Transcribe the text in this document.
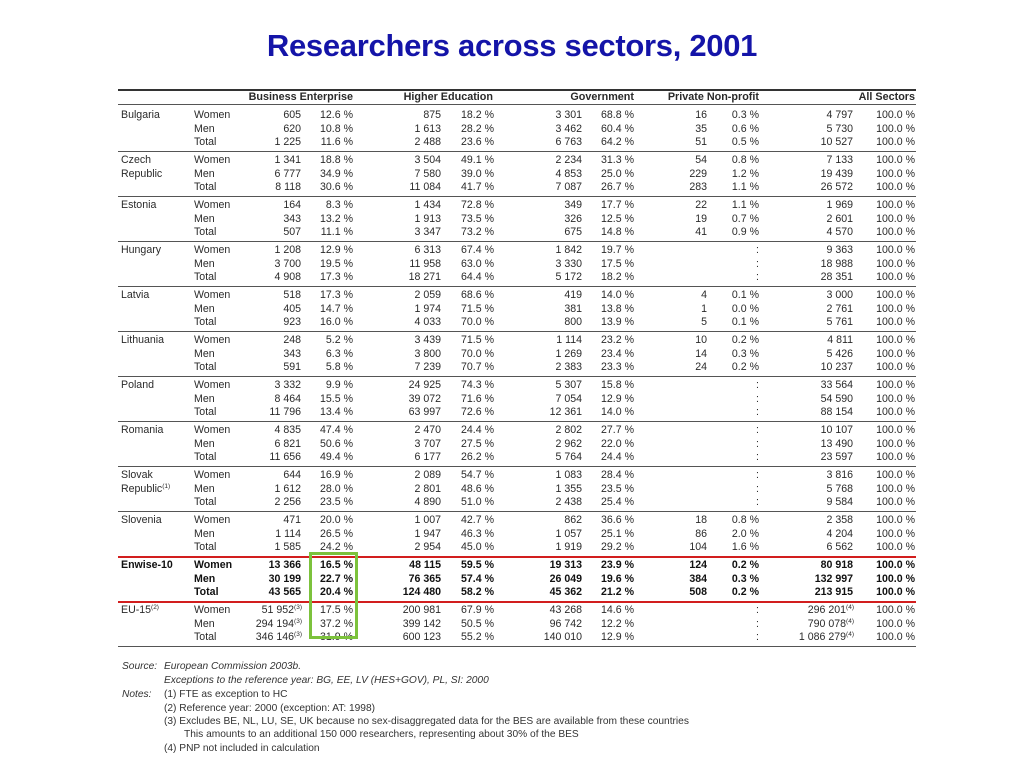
Researchers across sectors, 2001
Business Enterprise	Higher Education	Government	Private Non-profit	All Sectors
Bulgaria	Women	605 12.6 %	875 18.2 %	3 301 68.8 %	16 0.3 %	4 797 100.0 %
Men	620 10.8 %	1 613 28.2 %	3 462 60.4 %	35 0.6 %	5 730 100.0 %
Total	1 225 11.6 %	2 488 23.6 %	6 763 64.2 %	51 0.5 %	10 527 100.0 %
Czech
Republic
Women	1 341 18.8 %	3 504 49.1 %	2 234 31.3 %	54 0.8 %	7 133 100.0 %
Men	6 777 34.9 %	7 580 39.0 %	4 853 25.0 %	229 1.2 %	19 439 100.0 %
Total	8 118 30.6 %	11 084 41.7 %	7 087 26.7 %	283 1.1 %	26 572 100.0 %
Estonia	Women	164 8.3 %	1 434 72.8 %	349 17.7 %	22 1.1 %	1 969 100.0 %
Men	343 13.2 %	1 913 73.5 %	326 12.5 %	19 0.7 %	2 601 100.0 %
Total	507 11.1 %	3 347 73.2 %	675 14.8 %	41 0.9 %	4 570 100.0 %
Hungary	Women	1 208 12.9 %	6 313 67.4 %	1 842 19.7 %	:	9 363 100.0 %
Men	3 700 19.5 %	11 958 63.0 %	3 330 17.5 %	:	18 988 100.0 %
Total	4 908 17.3 %	18 271 64.4 %	5 172 18.2 %	:	28 351 100.0 %
Latvia	Women	518 17.3 %	2 059 68.6 %	419 14.0 %	4 0.1 %	3 000 100.0 %
Men	405 14.7 %	1 974 71.5 %	381 13.8 %	1 0.0 %	2 761 100.0 %
Total	923 16.0 %	4 033 70.0 %	800 13.9 %	5 0.1 %	5 761 100.0 %
Lithuania	Women	248 5.2 %	3 439 71.5 %	1 114 23.2 %	10 0.2 %	4 811 100.0 %
Men	343 6.3 %	3 800 70.0 %	1 269 23.4 %	14 0.3 %	5 426 100.0 %
Total	591 5.8 %	7 239 70.7 %	2 383 23.3 %	24 0.2 %	10 237 100.0 %
Poland	Women	3 332 9.9 %	24 925 74.3 %	5 307 15.8 %	:	33 564 100.0 %
Men	8 464 15.5 %	39 072 71.6 %	7 054 12.9 %	:	54 590 100.0 %
Total	11 796 13.4 %	63 997 72.6 %	12 361 14.0 %	:	88 154 100.0 %
Romania	Women	4 835 47.4 %	2 470 24.4 %	2 802 27.7 %	:	10 107 100.0 %
Men	6 821 50.6 %	3 707 27.5 %	2 962 22.0 %	:	13 490 100.0 %
Total	11 656 49.4 %	6 177 26.2 %	5 764 24.4 %	:	23 597 100.0 %
Slovak
Republic$^{(1)}$
Women	644 16.9 %	2 089 54.7 %	1 083 28.4 %	:	3 816 100.0 %
Men	1 612 28.0 %	2 801 48.6 %	1 355 23.5 %	:	5 768 100.0 %
Total	2 256 23.5 %	4 890 51.0 %	2 438 25.4 %	:	9 584 100.0 %
Slovenia	Women	471 20.0 %	1 007 42.7 %	862 36.6 %	18 0.8 %	2 358 100.0 %
Men	1 114 26.5 %	1 947 46.3 %	1 057 25.1 %	86 2.0 %	4 204 100.0 %
Total	1 585 24.2 %	2 954 45.0 %	1 919 29.2 %	104 1.6 %	6 562 100.0 %
Enwise-10 Women	13 366 16.5 %	48 115 59.5 %	19 313 23.9 %	124 0.2 %	80 918 100.0 %
Men	30 199 22.7 %	76 365 57.4 %	26 049 19.6 %	384 0.3 %	132 997 100.0 %
Total	43 565 20.4 %	124 480 58.2 %	45 362 21.2 %	508 0.2 %	213 915 100.0 %
EU-15$^{(2)}$	Women	51 952$^{(3)}$ 17.5 %	200 981 67.9 %	43 268 14.6 %	:	296 201$^{(4)}$ 100.0 %
Men	294 194$^{(3)}$ 37.2 %	399 142 50.5 %	96 742 12.2 %	:	790 078$^{(4)}$ 100.0 %
Total	346 146$^{(3)}$ 31.9 %	600 123 55.2 %	140 010 12.9 %	:	1 086 279$^{(4)}$ 100.0 %
Source: European Commission 2003b.
Exceptions to the reference year: BG, EE, LV (HES+GOV), PL, SI: 2000
Notes: (1) FTE as exception to HC
(2) Reference year: 2000 (exception: AT: 1998)
(3) Excludes BE, NL, LU, SE, UK because no sex-disaggregated data for the BES are available from these countries
This amounts to an additional 150 000 researchers, representing about 30% of the BES
(4) PNP not included in calculation
